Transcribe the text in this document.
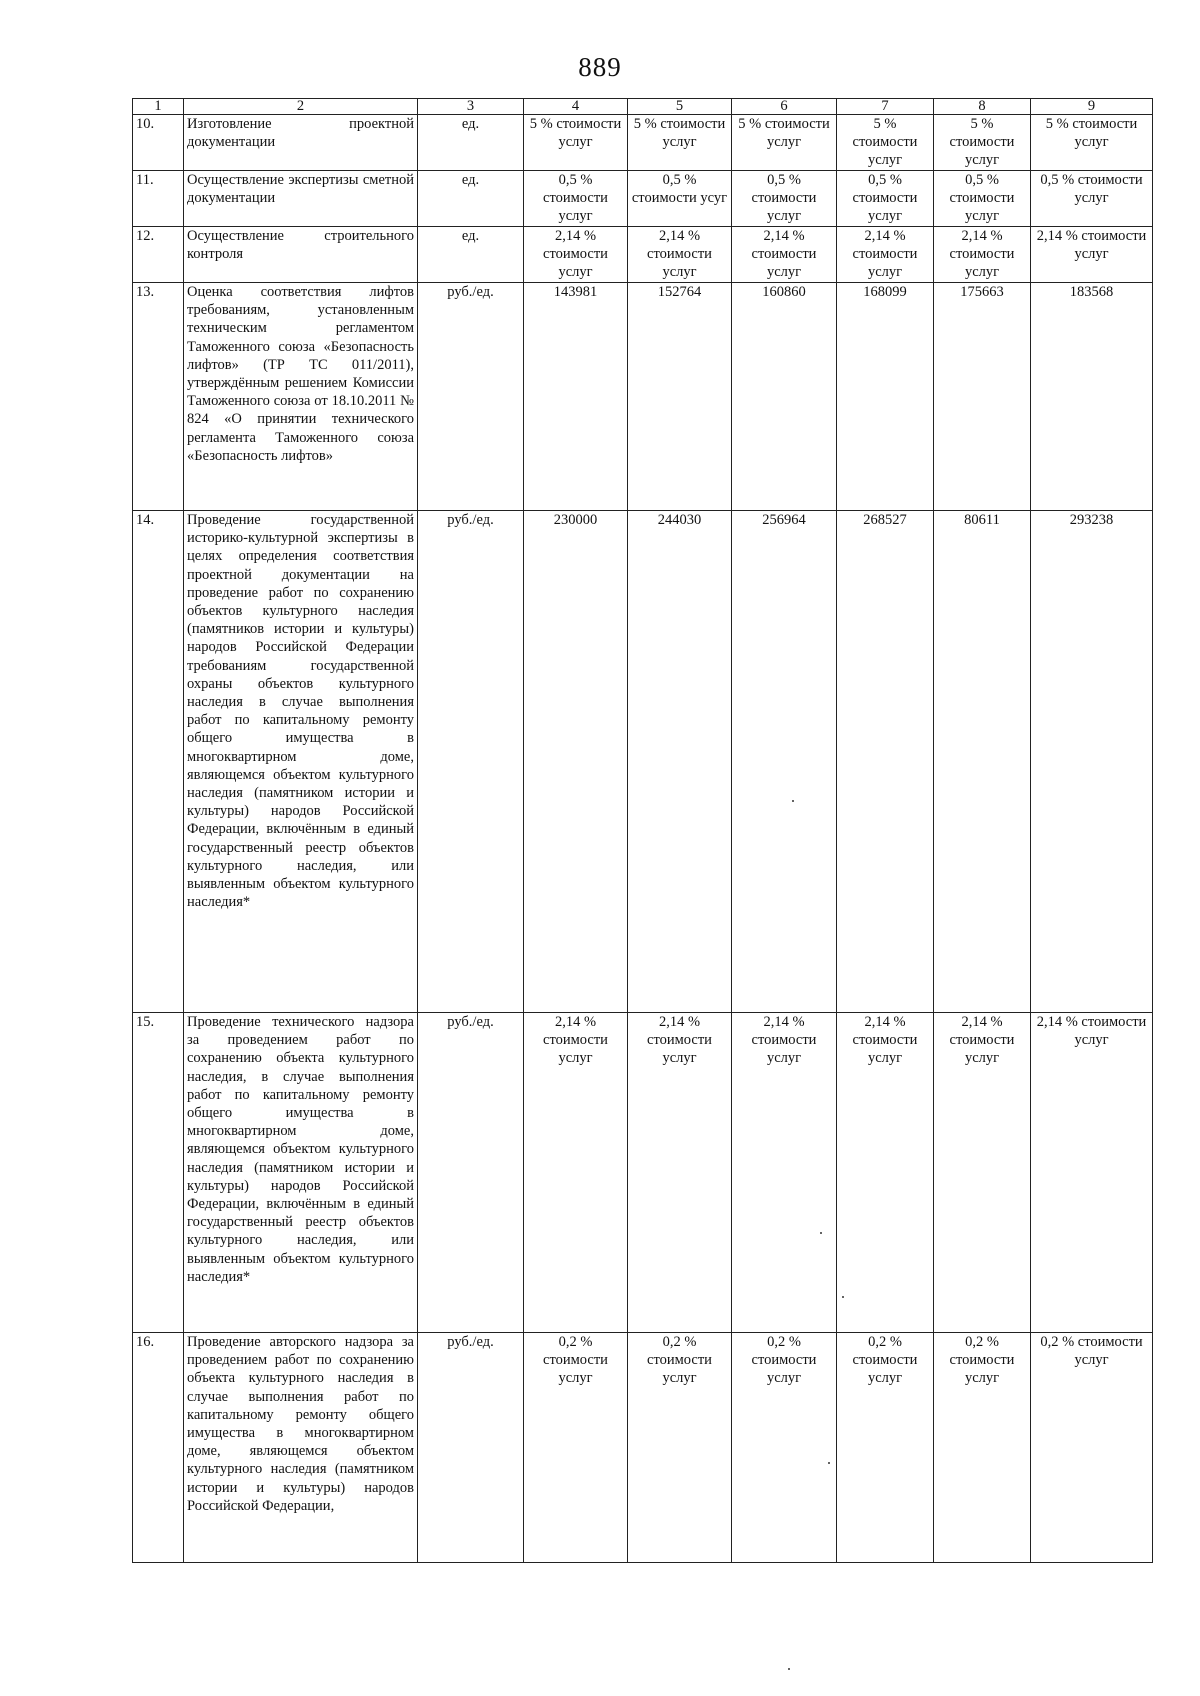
889
1	2	3	4	5	6	7	8	9
10.	Изготовление проектной документации	ед.	5 % стоимости услуг	5 % стоимости услуг	5 % стоимости услуг	5 % стоимости услуг	5 % стоимости услуг	5 % стоимости услуг
11.	Осуществление экспертизы сметной документации	ед.	0,5 % стоимости услуг	0,5 % стоимости усуг	0,5 % стоимости услуг	0,5 % стоимости услуг	0,5 % стоимости услуг	0,5 % стоимости услуг
12.	Осуществление строительного контроля	ед.	2,14 % стоимости услуг	2,14 % стоимости услуг	2,14 % стоимости услуг	2,14 % стоимости услуг	2,14 % стоимости услуг	2,14 % стоимости услуг
13.	Оценка соответствия лифтов требованиям, установленным техническим регламентом Таможенного союза «Безопасность лифтов» (ТР ТС 011/2011), утверждённым решением Комиссии Таможенного союза от 18.10.2011 № 824 «О принятии технического регламента Таможенного союза «Безопасность лифтов»	руб./ед.	143981	152764	160860	168099	175663	183568
14.	Проведение государственной историко-культурной экспертизы в целях определения соответствия проектной документации на проведение работ по сохранению объектов культурного наследия (памятников истории и культуры) народов Российской Федерации требованиям государственной охраны объектов культурного наследия в случае выполнения работ по капитальному ремонту общего имущества в многоквартирном доме, являющемся объектом культурного наследия (памятником истории и культуры) народов Российской Федерации, включённым в единый государственный реестр объектов культурного наследия, или выявленным объектом культурного наследия*	руб./ед.	230000	244030	256964	268527	80611	293238
15.	Проведение технического надзора за проведением работ по сохранению объекта культурного наследия, в случае выполнения работ по капитальному ремонту общего имущества в многоквартирном доме, являющемся объектом культурного наследия (памятником истории и культуры) народов Российской Федерации, включённым в единый государственный реестр объектов культурного наследия, или выявленным объектом культурного наследия*	руб./ед.	2,14 % стоимости услуг	2,14 % стоимости услуг	2,14 % стоимости услуг	2,14 % стоимости услуг	2,14 % стоимости услуг	2,14 % стоимости услуг
16.	Проведение авторского надзора за проведением работ по сохранению объекта культурного наследия в случае выполнения работ по капитальному ремонту общего имущества в многоквартирном доме, являющемся объектом культурного наследия (памятником истории и культуры) народов Российской Федерации,	руб./ед.	0,2 % стоимости услуг	0,2 % стоимости услуг	0,2 % стоимости услуг	0,2 % стоимости услуг	0,2 % стоимости услуг	0,2 % стоимости услуг
